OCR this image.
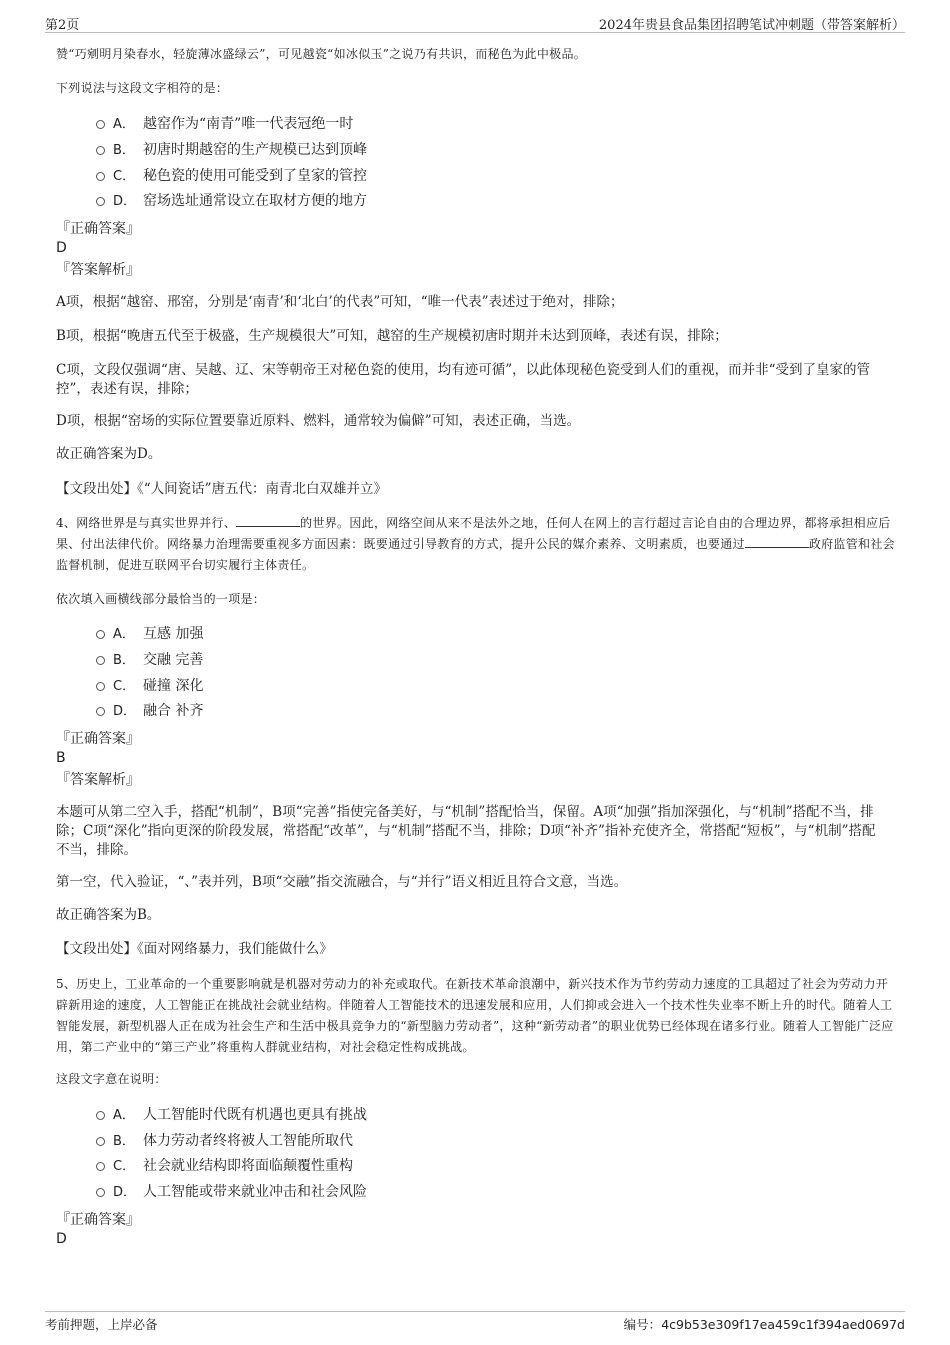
第2页	2024年贵县食品集团招聘笔试冲刺题（带答案解析）
赞“巧剜明月染春水，轻旋薄冰盛绿云”，可见越瓷“如冰似玉”之说乃有共识，而秘色为此中极品。
下列说法与这段文字相符的是：
A． 越窑作为“南青”唯一代表冠绝一时
B． 初唐时期越窑的生产规模已达到顶峰
C． 秘色瓷的使用可能受到了皇家的管控
D． 窑场选址通常设立在取材方便的地方
『正确答案』
D
『答案解析』
A项，根据“越窑、邢窑，分别是‘南青’和‘北白’的代表”可知，“唯一代表”表述过于绝对，排除；
B项，根据“晚唐五代至于极盛，生产规模很大”可知，越窑的生产规模初唐时期并未达到顶峰，表述有误，排除；
C项，文段仅强调“唐、吴越、辽、宋等朝帝王对秘色瓷的使用，均有迹可循”，以此体现秘色瓷受到人们的重视，而并非“受到了皇家的管控”，表述有误，排除；
D项，根据“窑场的实际位置要靠近原料、燃料，通常较为偏僻”可知，表述正确，当选。
故正确答案为D。
【文段出处】《“人间瓷话”唐五代：南青北白双雄并立》
4、网络世界是与真实世界并行、	的世界。因此，网络空间从来不是法外之地，任何人在网上的言行超过言论自由的合理边界，都将承担相应后果、付出法律代价。网络暴力治理需要重视多方面因素：既要通过引导教育的方式，提升公民的媒介素养、文明素质，也要通过	政府监管和社会监督机制，促进互联网平台切实履行主体责任。
依次填入画横线部分最恰当的一项是：
A． 互感 加强
B． 交融 完善
C． 碰撞 深化
D． 融合 补齐
『正确答案』
B
『答案解析』
本题可从第二空入手，搭配“机制”，B项“完善”指使完备美好，与“机制”搭配恰当，保留。A项“加强”指加深强化，与“机制”搭配不当，排除；C项“深化”指向更深的阶段发展，常搭配“改革”，与“机制”搭配不当，排除；D项“补齐”指补充使齐全，常搭配“短板”，与“机制”搭配不当，排除。
第一空，代入验证，“、”表并列，B项“交融”指交流融合，与“并行”语义相近且符合文意，当选。
故正确答案为B。
【文段出处】《面对网络暴力，我们能做什么》
5、历史上，工业革命的一个重要影响就是机器对劳动力的补充或取代。在新技术革命浪潮中，新兴技术作为节约劳动力速度的工具超过了社会为劳动力开辟新用途的速度，人工智能正在挑战社会就业结构。伴随着人工智能技术的迅速发展和应用，人们抑或会进入一个技术性失业率不断上升的时代。随着人工智能发展，新型机器人正在成为社会生产和生活中极具竞争力的“新型脑力劳动者”，这种“新劳动者”的职业优势已经体现在诸多行业。随着人工智能广泛应用，第二产业中的“第三产业”将重构人群就业结构，对社会稳定性构成挑战。
这段文字意在说明：
A． 人工智能时代既有机遇也更具有挑战
B． 体力劳动者终将被人工智能所取代
C． 社会就业结构即将面临颠覆性重构
D． 人工智能或带来就业冲击和社会风险
『正确答案』
D
考前押题，上岸必备	编号：4c9b53e309f17ea459c1f394aed0697d
